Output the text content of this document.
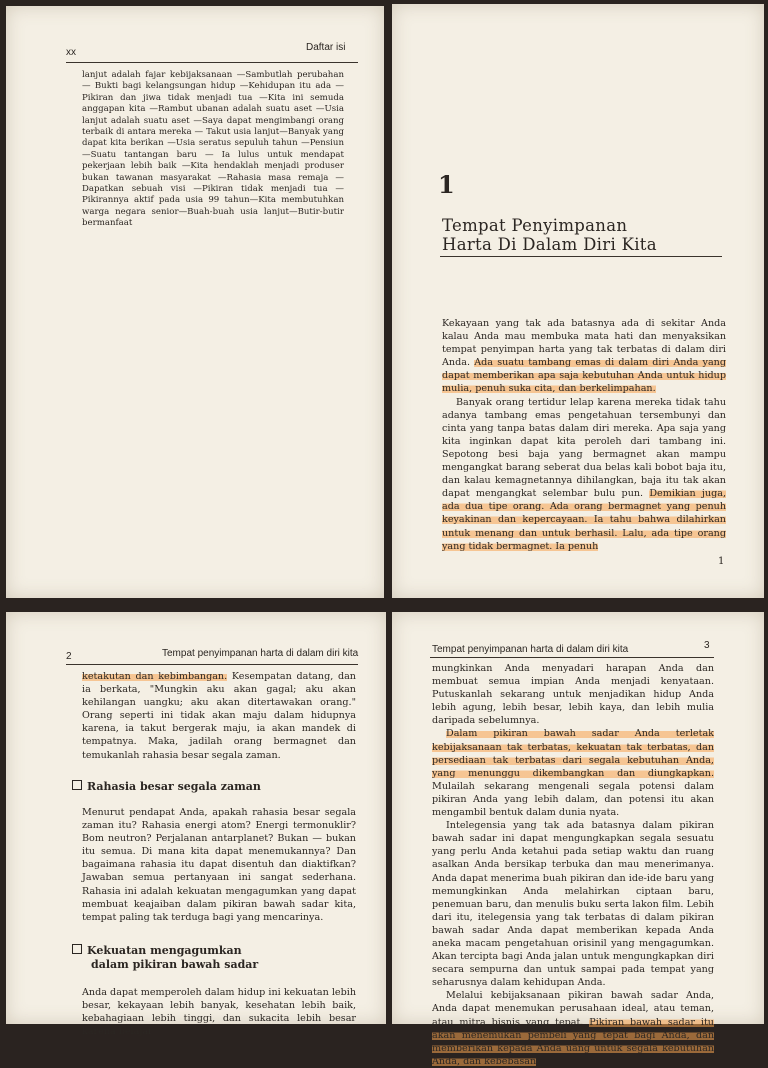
xx	Daftar isi

lanjut adalah fajar kebijaksanaan —Sambutlah perubahan — Bukti bagi kelangsungan hidup —Kehidupan itu ada — Pikiran dan jiwa tidak menjadi tua —Kita ini semuda anggapan kita —Rambut ubanan adalah suatu aset —Usia lanjut adalah suatu aset —Saya dapat mengimbangi orang terbaik di antara mereka — Takut usia lanjut—Banyak yang dapat kita berikan —Usia seratus sepuluh tahun —Pensiun—Suatu tantangan baru — Ia lulus untuk mendapat pekerjaan lebih baik —Kita hendaklah menjadi produser bukan tawanan masyarakat —Rahasia masa remaja —Dapatkan sebuah visi —Pikiran tidak menjadi tua —Pikirannya aktif pada usia 99 tahun—Kita membutuhkan warga negara senior—Buah-buah usia lanjut—Butir-butir bermanfaat

1
Tempat Penyimpanan
Harta Di Dalam Diri Kita

Kekayaan yang tak ada batasnya ada di sekitar Anda kalau Anda mau membuka mata hati dan menyaksikan tempat penyimpan harta yang tak terbatas di dalam diri Anda. Ada suatu tambang emas di dalam diri Anda yang dapat memberikan apa saja kebutuhan Anda untuk hidup mulia, penuh suka cita, dan berkelimpahan.

Banyak orang tertidur lelap karena mereka tidak tahu adanya tambang emas pengetahuan tersembunyi dan cinta yang tanpa batas dalam diri mereka. Apa saja yang kita inginkan dapat kita peroleh dari tambang ini. Sepotong besi baja yang bermagnet akan mampu mengangkat barang seberat dua belas kali bobot baja itu, dan kalau kemagnetannya dihilangkan, baja itu tak akan dapat mengangkat selembar bulu pun. Demikian juga, ada dua tipe orang. Ada orang bermagnet yang penuh keyakinan dan kepercayaan. Ia tahu bahwa dilahirkan untuk menang dan untuk berhasil. Lalu, ada tipe orang yang tidak bermagnet. Ia penuh

1
2	Tempat penyimpanan harta di dalam diri kita

ketakutan dan kebimbangan. Kesempatan datang, dan ia berkata, "Mungkin aku akan gagal; aku akan kehilangan uangku; aku akan ditertawakan orang." Orang seperti ini tidak akan maju dalam hidupnya karena, ia takut bergerak maju, ia akan mandek di tempatnya. Maka, jadilah orang bermagnet dan temukanlah rahasia besar segala zaman.

Rahasia besar segala zaman

Menurut pendapat Anda, apakah rahasia besar segala zaman itu? Rahasia energi atom? Energi termonuklir? Bom neutron? Perjalanan antarplanet? Bukan — bukan itu semua. Di mana kita dapat menemukannya? Dan bagaimana rahasia itu dapat disentuh dan diaktifkan? Jawaban semua pertanyaan ini sangat sederhana. Rahasia ini adalah kekuatan mengagumkan yang dapat membuat keajaiban dalam pikiran bawah sadar kita, tempat paling tak terduga bagi yang mencarinya.

Kekuatan mengagumkan
dalam pikiran bawah sadar

Anda dapat memperoleh dalam hidup ini kekuatan lebih besar, kekayaan lebih banyak, kesehatan lebih baik, kebahagiaan lebih tinggi, dan sukacita lebih besar karena belajar

Tempat penyimpanan harta di dalam diri kita	3

mungkinkan Anda menyadari harapan Anda dan membuat semua impian Anda menjadi kenyataan. Putuskanlah sekarang untuk menjadikan hidup Anda lebih agung, lebih besar, lebih kaya, dan lebih mulia daripada sebelumnya.

Dalam pikiran bawah sadar Anda terletak kebijaksanaan tak terbatas, kekuatan tak terbatas, dan persediaan tak terbatas dari segala kebutuhan Anda, yang menunggu dikembangkan dan diungkapkan. Mulailah sekarang mengenali segala potensi dalam pikiran Anda yang lebih dalam, dan potensi itu akan mengambil bentuk dalam dunia nyata.

Intelegensia yang tak ada batasnya dalam pikiran bawah sadar ini dapat mengungkapkan segala sesuatu yang perlu Anda ketahui pada setiap waktu dan ruang asalkan Anda bersikap terbuka dan mau menerimanya. Anda dapat menerima buah pikiran dan ide-ide baru yang memungkinkan Anda melahirkan ciptaan baru, penemuan baru, dan menulis buku serta lakon film. Lebih dari itu, itelegensia yang tak terbatas di dalam pikiran bawah sadar Anda dapat memberikan kepada Anda aneka macam pengetahuan orisinil yang mengagumkan. Akan tercipta bagi Anda jalan untuk mengungkapkan diri secara sempurna dan untuk sampai pada tempat yang seharusnya dalam kehidupan Anda.

Melalui kebijaksanaan pikiran bawah sadar Anda, Anda dapat menemukan perusahaan ideal, atau teman, atau mitra bisnis yang tepat. Pikiran bawah sadar itu akan menemukan pembeli yang tepat bagi Anda, dan memberikan kepada Anda uang untuk segala kebutuhan Anda, dan kebebasan
